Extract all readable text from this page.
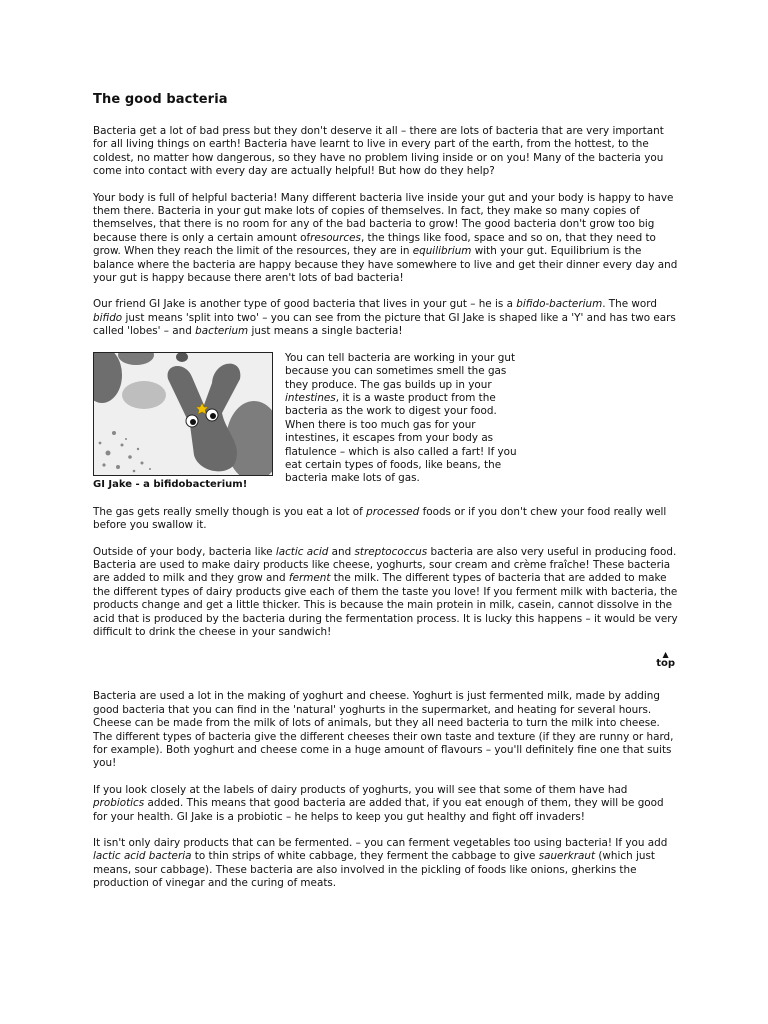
The good bacteria

Bacteria get a lot of bad press but they don't deserve it all – there are lots of bacteria that are very important for all living things on earth! Bacteria have learnt to live in every part of the earth, from the hottest, to the coldest, no matter how dangerous, so they have no problem living inside or on you! Many of the bacteria you come into contact with every day are actually helpful! But how do they help?

Your body is full of helpful bacteria! Many different bacteria live inside your gut and your body is happy to have them there. Bacteria in your gut make lots of copies of themselves. In fact, they make so many copies of themselves, that there is no room for any of the bad bacteria to grow! The good bacteria don't grow too big because there is only a certain amount ofresources, the things like food, space and so on, that they need to grow. When they reach the limit of the resources, they are in equilibrium with your gut. Equilibrium is the balance where the bacteria are happy because they have somewhere to live and get their dinner every day and your gut is happy because there aren't lots of bad bacteria!

Our friend GI Jake is another type of good bacteria that lives in your gut – he is a bifido-bacterium. The word bifido just means 'split into two' – you can see from the picture that GI Jake is shaped like a 'Y' and has two ears called 'lobes' – and bacterium just means a single bacteria!

GI Jake - a bifidobacterium!
You can tell bacteria are working in your gut because you can sometimes smell the gas they produce. The gas builds up in your intestines, it is a waste product from the bacteria as the work to digest your food. When there is too much gas for your intestines, it escapes from your body as flatulence – which is also called a fart! If you eat certain types of foods, like beans, the bacteria make lots of gas.

The gas gets really smelly though is you eat a lot of processed foods or if you don't chew your food really well before you swallow it.

Outside of your body, bacteria like lactic acid and streptococcus bacteria are also very useful in producing food. Bacteria are used to make dairy products like cheese, yoghurts, sour cream and crème fraîche! These bacteria are added to milk and they grow and ferment the milk. The different types of bacteria that are added to make the different types of dairy products give each of them the taste you love! If you ferment milk with bacteria, the products change and get a little thicker. This is because the main protein in milk, casein, cannot dissolve in the acid that is produced by the bacteria during the fermentation process. It is lucky this happens – it would be very difficult to drink the cheese in your sandwich!

▲
top

Bacteria are used a lot in the making of yoghurt and cheese. Yoghurt is just fermented milk, made by adding good bacteria that you can find in the 'natural' yoghurts in the supermarket, and heating for several hours. Cheese can be made from the milk of lots of animals, but they all need bacteria to turn the milk into cheese. The different types of bacteria give the different cheeses their own taste and texture (if they are runny or hard, for example). Both yoghurt and cheese come in a huge amount of flavours – you'll definitely fine one that suits you!

If you look closely at the labels of dairy products of yoghurts, you will see that some of them have had probiotics added. This means that good bacteria are added that, if you eat enough of them, they will be good for your health. GI Jake is a probiotic – he helps to keep you gut healthy and fight off invaders!

It isn't only dairy products that can be fermented. – you can ferment vegetables too using bacteria! If you add lactic acid bacteria to thin strips of white cabbage, they ferment the cabbage to give sauerkraut (which just means, sour cabbage). These bacteria are also involved in the pickling of foods like onions, gherkins the production of vinegar and the curing of meats.
